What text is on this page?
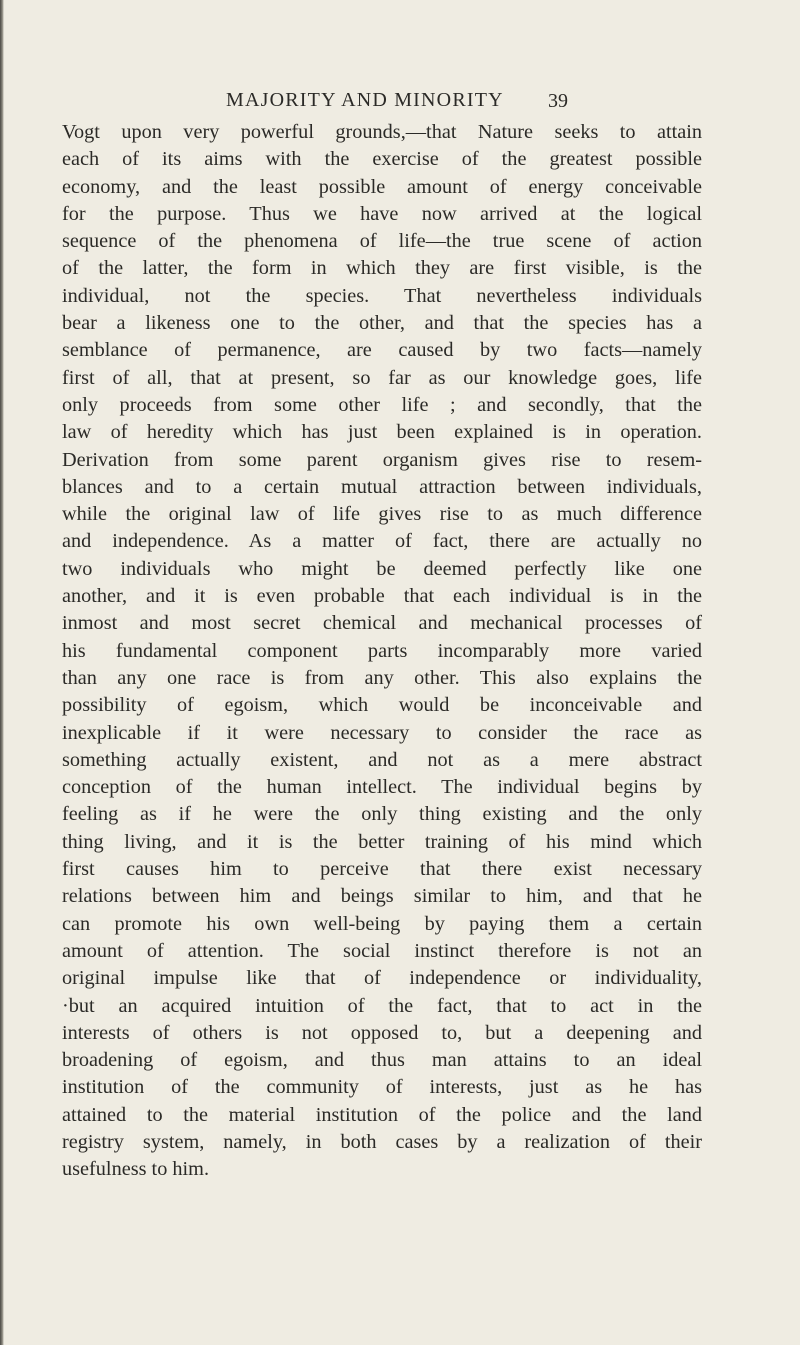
MAJORITY AND MINORITY 39
Vogt upon very powerful grounds,—that Nature seeks to attain
each of its aims with the exercise of the greatest possible
economy, and the least possible amount of energy conceivable
for the purpose. Thus we have now arrived at the logical
sequence of the phenomena of life—the true scene of action
of the latter, the form in which they are first visible, is the
individual, not the species. That nevertheless individuals
bear a likeness one to the other, and that the species has a
semblance of permanence, are caused by two facts—namely
first of all, that at present, so far as our knowledge goes, life
only proceeds from some other life ; and secondly, that the
law of heredity which has just been explained is in operation.
Derivation from some parent organism gives rise to resem-
blances and to a certain mutual attraction between individuals,
while the original law of life gives rise to as much difference
and independence. As a matter of fact, there are actually no
two individuals who might be deemed perfectly like one
another, and it is even probable that each individual is in the
inmost and most secret chemical and mechanical processes of
his fundamental component parts incomparably more varied
than any one race is from any other. This also explains the
possibility of egoism, which would be inconceivable and
inexplicable if it were necessary to consider the race as
something actually existent, and not as a mere abstract
conception of the human intellect. The individual begins by
feeling as if he were the only thing existing and the only
thing living, and it is the better training of his mind which
first causes him to perceive that there exist necessary
relations between him and beings similar to him, and that he
can promote his own well-being by paying them a certain
amount of attention. The social instinct therefore is not an
original impulse like that of independence or individuality,
·but an acquired intuition of the fact, that to act in the
interests of others is not opposed to, but a deepening and
broadening of egoism, and thus man attains to an ideal
institution of the community of interests, just as he has
attained to the material institution of the police and the land
registry system, namely, in both cases by a realization of their
usefulness to him.
